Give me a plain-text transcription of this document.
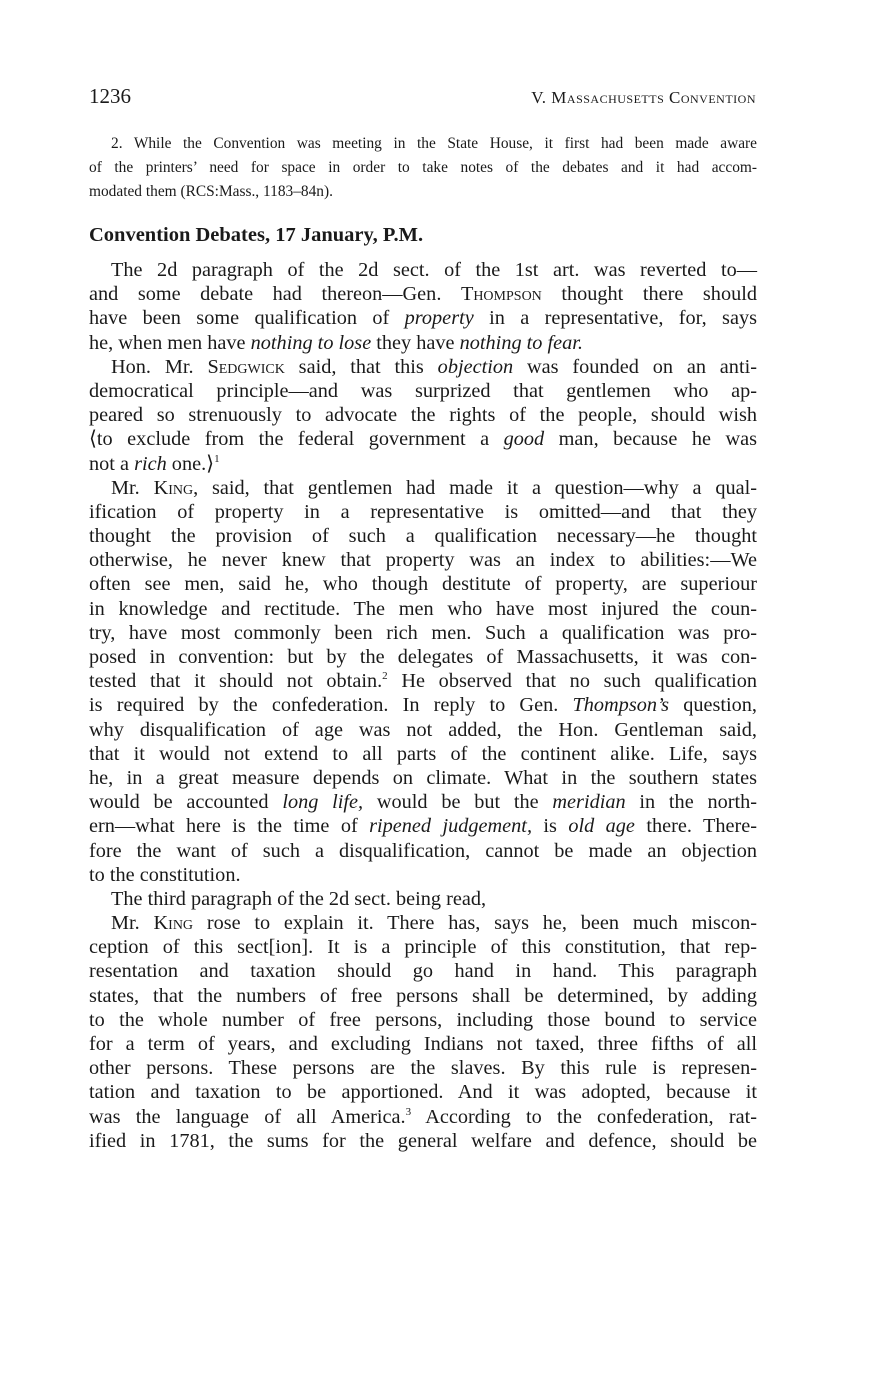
1236	V. Massachusetts Convention
2. While the Convention was meeting in the State House, it first had been made aware
of the printers’ need for space in order to take notes of the debates and it had accom-
modated them (RCS:Mass., 1183–84n).
Convention Debates, 17 January, P.M.
The 2d paragraph of the 2d sect. of the 1st art. was reverted to—
and some debate had thereon—Gen. Thompson thought there should
have been some qualification of property in a representative, for, says
he, when men have nothing to lose they have nothing to fear.
Hon. Mr. Sedgwick said, that this objection was founded on an anti-
democratical principle—and was surprized that gentlemen who ap-
peared so strenuously to advocate the rights of the people, should wish
⟨to exclude from the federal government a good man, because he was
not a rich one.⟩$^1$
Mr. King, said, that gentlemen had made it a question—why a qual-
ification of property in a representative is omitted—and that they
thought the provision of such a qualification necessary—he thought
otherwise, he never knew that property was an index to abilities:—We
often see men, said he, who though destitute of property, are superiour
in knowledge and rectitude. The men who have most injured the coun-
try, have most commonly been rich men. Such a qualification was pro-
posed in convention: but by the delegates of Massachusetts, it was con-
tested that it should not obtain.$^2$ He observed that no such qualification
is required by the confederation. In reply to Gen. Thompson’s question,
why disqualification of age was not added, the Hon. Gentleman said,
that it would not extend to all parts of the continent alike. Life, says
he, in a great measure depends on climate. What in the southern states
would be accounted long life, would be but the meridian in the north-
ern—what here is the time of ripened judgement, is old age there. There-
fore the want of such a disqualification, cannot be made an objection
to the constitution.
The third paragraph of the 2d sect. being read,
Mr. King rose to explain it. There has, says he, been much miscon-
ception of this sect[ion]. It is a principle of this constitution, that rep-
resentation and taxation should go hand in hand. This paragraph
states, that the numbers of free persons shall be determined, by adding
to the whole number of free persons, including those bound to service
for a term of years, and excluding Indians not taxed, three fifths of all
other persons. These persons are the slaves. By this rule is represen-
tation and taxation to be apportioned. And it was adopted, because it
was the language of all America.$^3$ According to the confederation, rat-
ified in 1781, the sums for the general welfare and defence, should be
